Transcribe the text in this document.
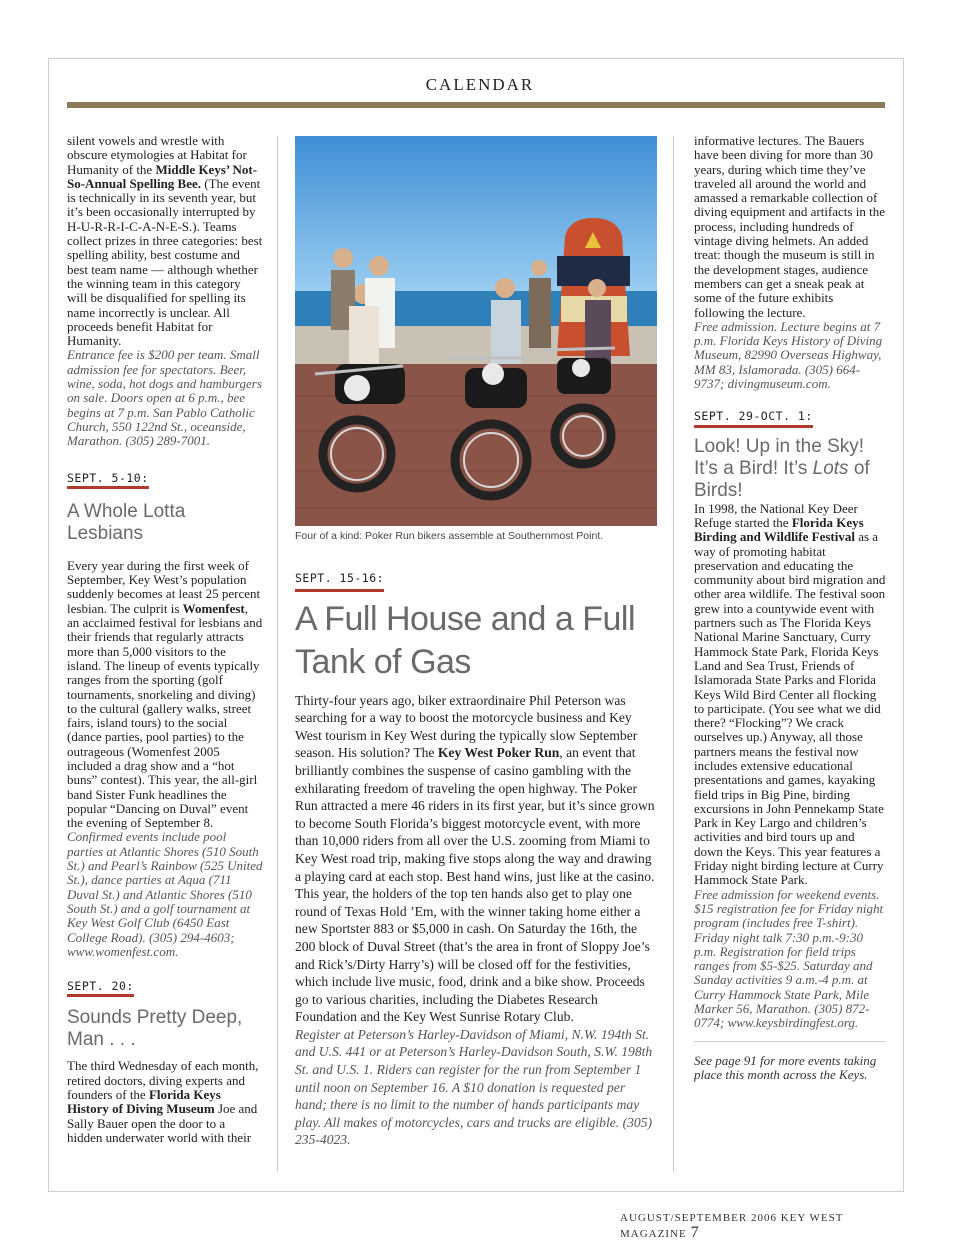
CALENDAR

silent vowels and wrestle with obscure etymologies at Habitat for Humanity of the Middle Keys’ Not-So-Annual Spelling Bee. (The event is technically in its seventh year, but it’s been occasionally interrupted by H-U-R-R-I-C-A-N-E-S.). Teams collect prizes in three categories: best spelling ability, best costume and best team name — although whether the winning team in this category will be disqualified for spelling its name incorrectly is unclear. All proceeds benefit Habitat for Humanity.

Entrance fee is $200 per team. Small admission fee for spectators. Beer, wine, soda, hot dogs and hamburgers on sale. Doors open at 6 p.m., bee begins at 7 p.m. San Pablo Catholic Church, 550 122nd St., oceanside, Marathon. (305) 289-7001.

SEPT. 5-10:
A Whole Lotta Lesbians

Every year during the first week of September, Key West’s population suddenly becomes at least 25 percent lesbian. The culprit is Womenfest, an acclaimed festival for lesbians and their friends that regularly attracts more than 5,000 visitors to the island. The lineup of events typically ranges from the sporting (golf tournaments, snorkeling and diving) to the cultural (gallery walks, street fairs, island tours) to the social (dance parties, pool parties) to the outrageous (Womenfest 2005 included a drag show and a “hot buns” contest). This year, the all-girl band Sister Funk headlines the popular “Dancing on Duval” event the evening of September 8.

Confirmed events include pool parties at Atlantic Shores (510 South St.) and Pearl’s Rainbow (525 United St.), dance parties at Aqua (711 Duval St.) and Atlantic Shores (510 South St.) and a golf tournament at Key West Golf Club (6450 East College Road). (305) 294-4603; www.womenfest.com.

SEPT. 20:
Sounds Pretty Deep, Man . . .

The third Wednesday of each month, retired doctors, diving experts and founders of the Florida Keys History of Diving Museum Joe and Sally Bauer open the door to a hidden underwater world with their

Four of a kind: Poker Run bikers assemble at Southernmost Point.
SEPT. 15-16:
A Full House and a Full Tank of Gas

Thirty-four years ago, biker extraordinaire Phil Peterson was searching for a way to boost the motorcycle business and Key West tourism in Key West during the typically slow September season. His solution? The Key West Poker Run, an event that brilliantly combines the suspense of casino gambling with the exhilarating freedom of traveling the open highway. The Poker Run attracted a mere 46 riders in its first year, but it’s since grown to become South Florida’s biggest motorcycle event, with more than 10,000 riders from all over the U.S. zooming from Miami to Key West road trip, making five stops along the way and drawing a playing card at each stop. Best hand wins, just like at the casino. This year, the holders of the top ten hands also get to play one round of Texas Hold ’Em, with the winner taking home either a new Sportster 883 or $5,000 in cash. On Saturday the 16th, the 200 block of Duval Street (that’s the area in front of Sloppy Joe’s and Rick’s/Dirty Harry’s) will be closed off for the festivities, which include live music, food, drink and a bike show. Proceeds go to various charities, including the Diabetes Research Foundation and the Key West Sunrise Rotary Club.

Register at Peterson’s Harley-Davidson of Miami, N.W. 194th St. and U.S. 441 or at Peterson’s Harley-Davidson South, S.W. 198th St. and U.S. 1. Riders can register for the run from September 1 until noon on September 16. A $10 donation is requested per hand; there is no limit to the number of hands participants may play. All makes of motorcycles, cars and trucks are eligible. (305) 235-4023.

informative lectures. The Bauers have been diving for more than 30 years, during which time they’ve traveled all around the world and amassed a remarkable collection of diving equipment and artifacts in the process, including hundreds of vintage diving helmets. An added treat: though the museum is still in the development stages, audience members can get a sneak peak at some of the future exhibits following the lecture.

Free admission. Lecture begins at 7 p.m. Florida Keys History of Diving Museum, 82990 Overseas Highway, MM 83, Islamorada. (305) 664-9737; divingmuseum.com.

SEPT. 29-OCT. 1:
Look! Up in the Sky! It’s a Bird! It’s Lots of Birds!

In 1998, the National Key Deer Refuge started the Florida Keys Birding and Wildlife Festival as a way of promoting habitat preservation and educating the community about bird migration and other area wildlife. The festival soon grew into a countywide event with partners such as The Florida Keys National Marine Sanctuary, Curry Hammock State Park, Florida Keys Land and Sea Trust, Friends of Islamorada State Parks and Florida Keys Wild Bird Center all flocking to participate. (You see what we did there? “Flocking”? We crack ourselves up.) Anyway, all those partners means the festival now includes extensive educational presentations and games, kayaking field trips in Big Pine, birding excursions in John Pennekamp State Park in Key Largo and children’s activities and bird tours up and down the Keys. This year features a Friday night birding lecture at Curry Hammock State Park.

Free admission for weekend events. $15 registration fee for Friday night program (includes free T-shirt). Friday night talk 7:30 p.m.-9:30 p.m. Registration for field trips ranges from $5-$25. Saturday and Sunday activities 9 a.m.-4 p.m. at Curry Hammock State Park, Mile Marker 56, Marathon. (305) 872-0774; www.keysbirdingfest.org.

See page 91 for more events taking place this month across the Keys.

AUGUST/SEPTEMBER 2006 KEY WEST MAGAZINE 7
